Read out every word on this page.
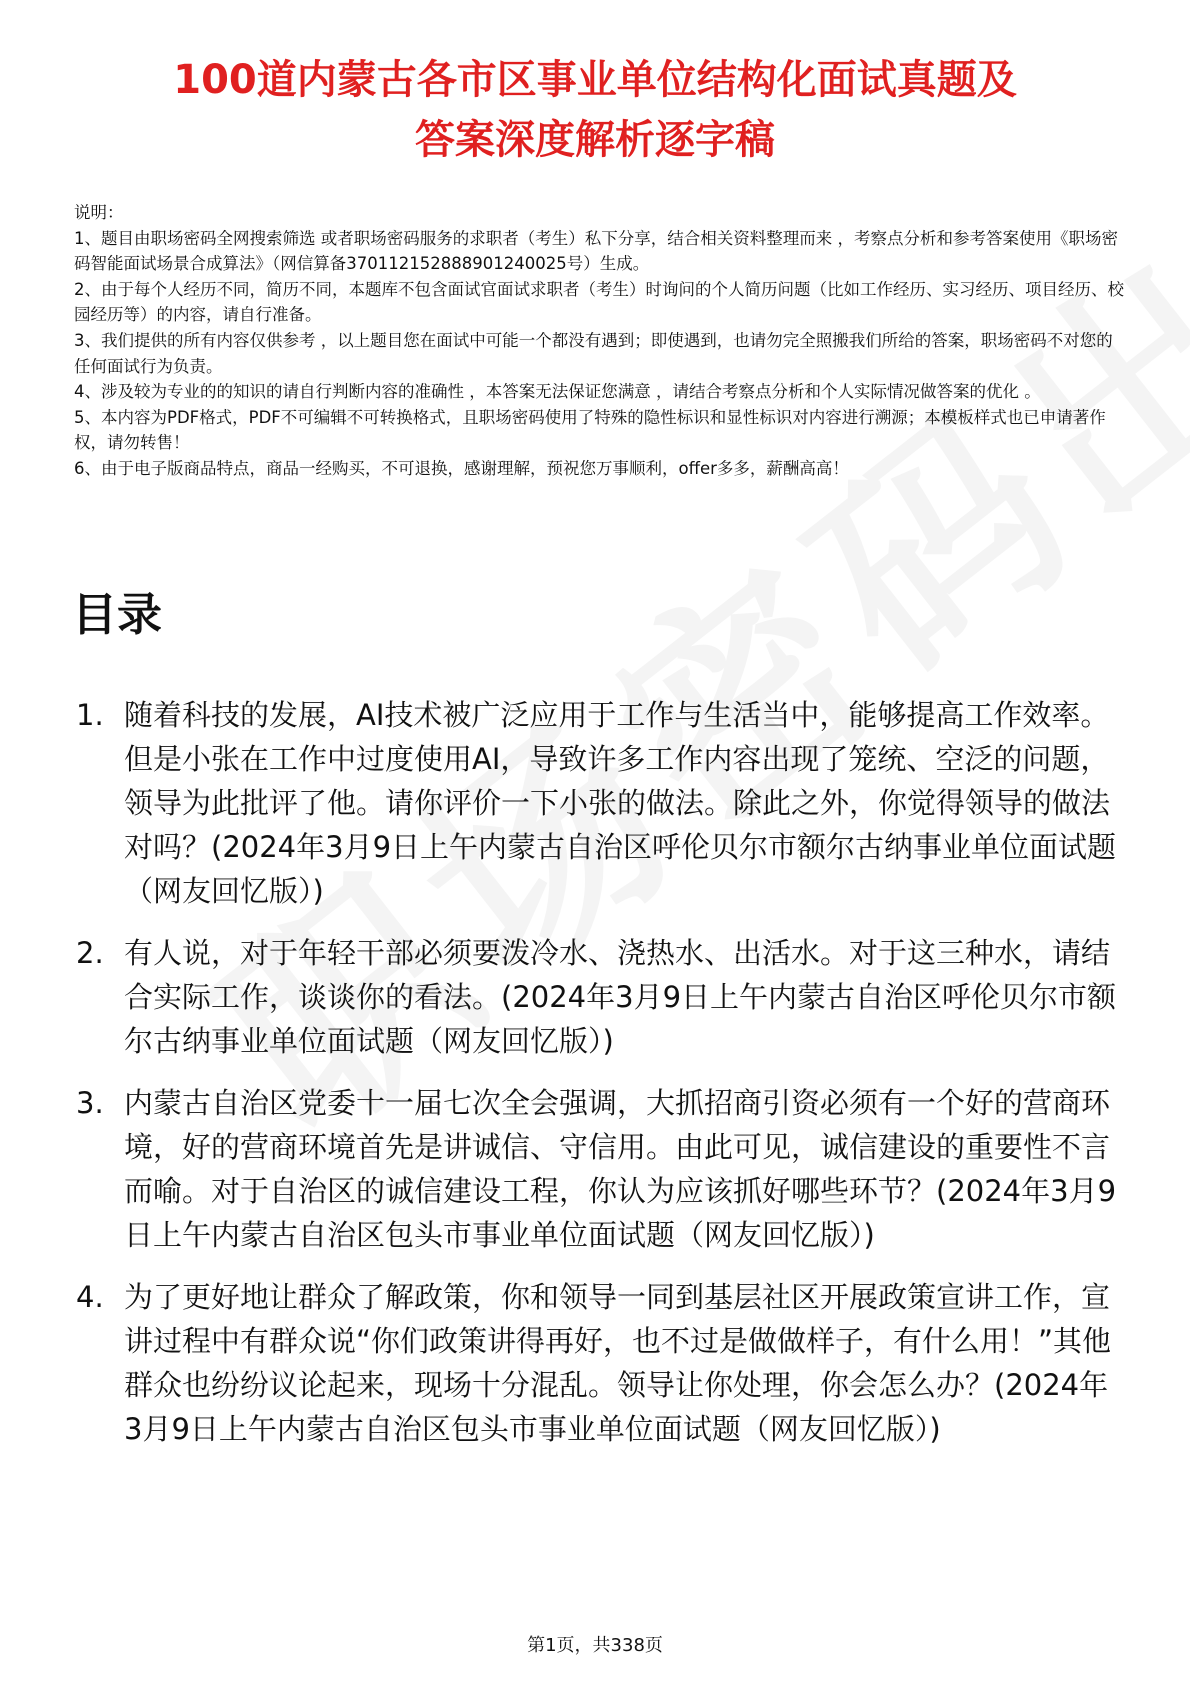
100道内蒙古各市区事业单位结构化面试真题及
答案深度解析逐字稿

说明：

1、题目由职场密码全网搜索筛选 或者职场密码服务的求职者（考生）私下分享，结合相关资料整理而来 ，考察点分析和参考答案使用《职场密码智能面试场景合成算法》（网信算备370112152888901240025号）生成。

2、由于每个人经历不同，简历不同，本题库不包含面试官面试求职者（考生）时询问的个人简历问题（比如工作经历、实习经历、项目经历、校园经历等）的内容，请自行准备。

3、我们提供的所有内容仅供参考 ，以上题目您在面试中可能一个都没有遇到；即使遇到，也请勿完全照搬我们所给的答案，职场密码不对您的任何面试行为负责。

4、涉及较为专业的的知识的请自行判断内容的准确性 ，本答案无法保证您满意 ，请结合考察点分析和个人实际情况做答案的优化 。

5、本内容为PDF格式，PDF不可编辑不可转换格式，且职场密码使用了特殊的隐性标识和显性标识对内容进行溯源；本模板样式也已申请著作权，请勿转售！

6、由于电子版商品特点，商品一经购买，不可退换，感谢理解，预祝您万事顺利，offer多多，薪酬高高！

目录
1. 随着科技的发展，AI技术被广泛应用于工作与生活当中，能够提高工作效率。但是小张在工作中过度使用AI，导致许多工作内容出现了笼统、空泛的问题，领导为此批评了他。请你评价一下小张的做法。除此之外，你觉得领导的做法对吗？(2024年3月9日上午内蒙古自治区呼伦贝尔市额尔古纳事业单位面试题（网友回忆版）)
2. 有人说，对于年轻干部必须要泼冷水、浇热水、出活水。对于这三种水，请结合实际工作，谈谈你的看法。(2024年3月9日上午内蒙古自治区呼伦贝尔市额尔古纳事业单位面试题（网友回忆版）)
3. 内蒙古自治区党委十一届七次全会强调，大抓招商引资必须有一个好的营商环境，好的营商环境首先是讲诚信、守信用。由此可见，诚信建设的重要性不言而喻。对于自治区的诚信建设工程，你认为应该抓好哪些环节？(2024年3月9日上午内蒙古自治区包头市事业单位面试题（网友回忆版）)
4. 为了更好地让群众了解政策，你和领导一同到基层社区开展政策宣讲工作，宣讲过程中有群众说“你们政策讲得再好，也不过是做做样子，有什么用！”其他群众也纷纷议论起来，现场十分混乱。领导让你处理，你会怎么办？(2024年3月9日上午内蒙古自治区包头市事业单位面试题（网友回忆版）)
第1页，共338页
